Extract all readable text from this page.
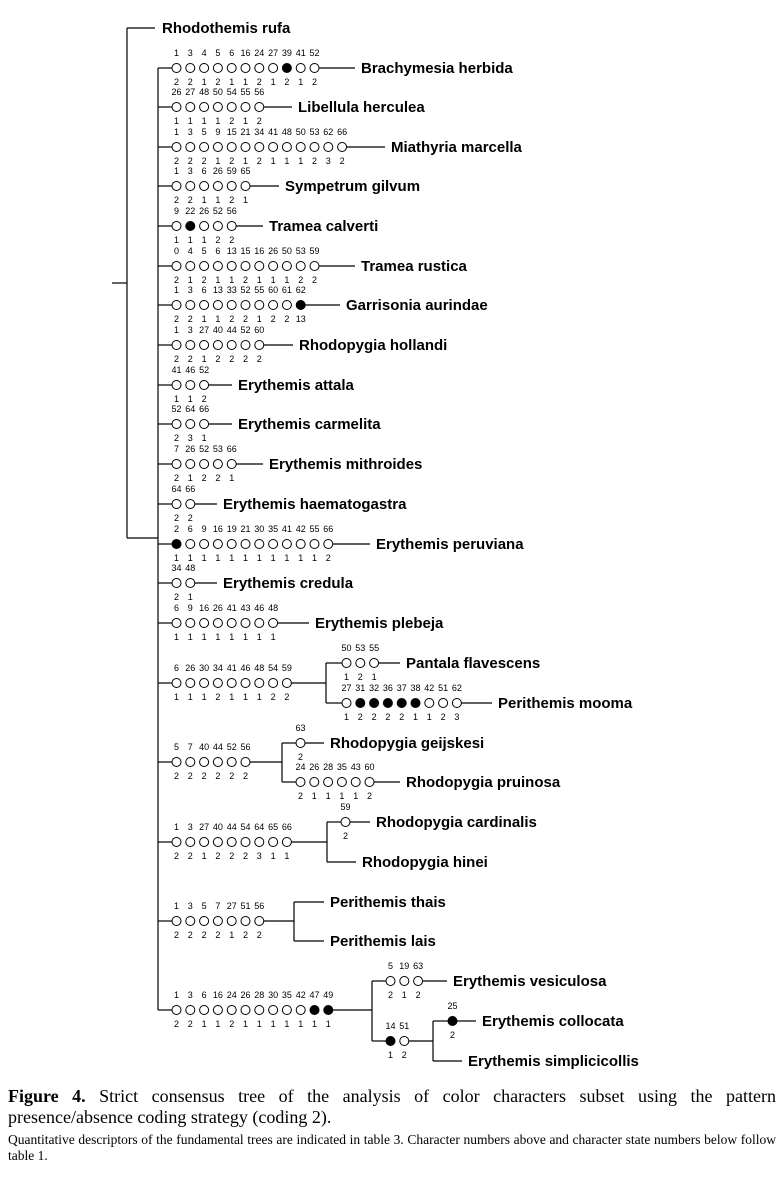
1
2
3
2
4
1
5
2
6
1
16
1
24
2
27
1
39
2
41
1
52
2
26
1
27
1
48
1
50
1
54
2
55
1
56
2
1
2
3
2
5
2
9
1
15
2
21
1
34
2
41
1
48
1
50
1
53
2
62
3
66
2
1
2
3
2
6
1
26
1
59
2
65
1
9
1
22
1
26
1
52
2
56
2
0
2
4
1
5
2
6
1
13
1
15
2
16
1
26
1
50
1
53
2
59
2
1
2
3
2
6
1
13
1
33
2
52
2
55
1
60
2
61
2
62
13
1
2
3
2
27
1
40
2
44
2
52
2
60
2
41
1
46
1
52
2
52
2
64
3
66
1
7
2
26
1
52
2
53
2
66
1
64
2
66
2
2
1
6
1
9
1
16
1
19
1
21
1
30
1
35
1
41
1
42
1
55
1
66
2
34
2
48
1
6
1
9
1
16
1
26
1
41
1
43
1
46
1
48
1
6
1
26
1
30
1
34
2
41
1
46
1
48
1
54
2
59
2
50
1
53
2
55
1
27
1
31
2
32
2
36
2
37
2
38
1
42
1
51
2
62
3
5
2
7
2
40
2
44
2
52
2
56
2
63
2
24
2
26
1
28
1
35
1
43
1
60
2
1
2
3
2
27
1
40
2
44
2
54
2
64
3
65
1
66
1
59
2
1
2
3
2
5
2
7
2
27
1
51
2
56
2
1
2
3
2
6
1
16
1
24
2
26
1
28
1
30
1
35
1
42
1
47
1
49
1
5
2
19
1
63
2
14
1
51
2
25
2
Rhodothemis rufa
Brachymesia herbida
Libellula herculea
Miathyria marcella
Sympetrum gilvum
Tramea calverti
Tramea rustica
Garrisonia aurindae
Rhodopygia hollandi
Erythemis attala
Erythemis carmelita
Erythemis mithroides
Erythemis haematogastra
Erythemis peruviana
Erythemis credula
Erythemis plebeja
Pantala flavescens
Perithemis mooma
Rhodopygia geijskesi
Rhodopygia pruinosa
Rhodopygia cardinalis
Rhodopygia hinei
Perithemis thais
Perithemis lais
Erythemis vesiculosa
Erythemis collocata
Erythemis simplicicollis

Figure 4. Strict consensus tree of the analysis of color characters subset using the pattern presence/absence coding strategy (coding 2).

Quantitative descriptors of the fundamental trees are indicated in table 3. Character numbers above and character state numbers below follow table 1.
